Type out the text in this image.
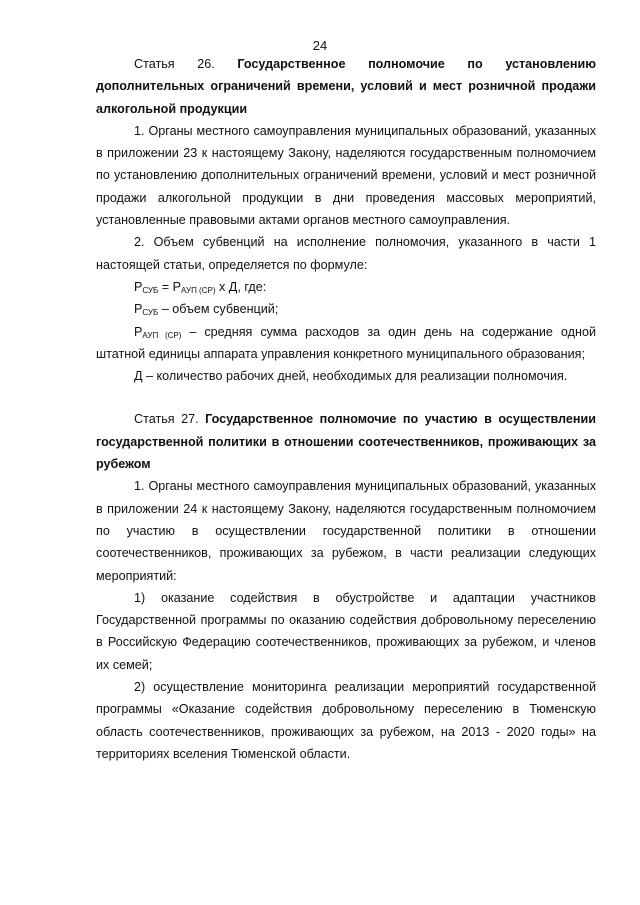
24

Статья 26. Государственное полномочие по установлению дополнительных ограничений времени, условий и мест розничной продажи алкогольной продукции

1. Органы местного самоуправления муниципальных образований, указанных в приложении 23 к настоящему Закону, наделяются государственным полномочием по установлению дополнительных ограничений времени, условий и мест розничной продажи алкогольной продукции в дни проведения массовых мероприятий, установленные правовыми актами органов местного самоуправления.

2. Объем субвенций на исполнение полномочия, указанного в части 1 настоящей статьи, определяется по формуле:

$Р_{СУБ} = Р_{АУП (СР)}$ х Д, где:

$Р_{СУБ}$ – объем субвенций;

$Р_{АУП (СР)}$ – средняя сумма расходов за один день на содержание одной штатной единицы аппарата управления конкретного муниципального образования;

Д – количество рабочих дней, необходимых для реализации полномочия.

Статья 27. Государственное полномочие по участию в осуществлении государственной политики в отношении соотечественников, проживающих за рубежом

1. Органы местного самоуправления муниципальных образований, указанных в приложении 24 к настоящему Закону, наделяются государственным полномочием по участию в осуществлении государственной политики в отношении соотечественников, проживающих за рубежом, в части реализации следующих мероприятий:

1) оказание содействия в обустройстве и адаптации участников Государственной программы по оказанию содействия добровольному переселению в Российскую Федерацию соотечественников, проживающих за рубежом, и членов их семей;

2) осуществление мониторинга реализации мероприятий государственной программы «Оказание содействия добровольному переселению в Тюменскую область соотечественников, проживающих за рубежом, на 2013 - 2020 годы» на территориях вселения Тюменской области.
